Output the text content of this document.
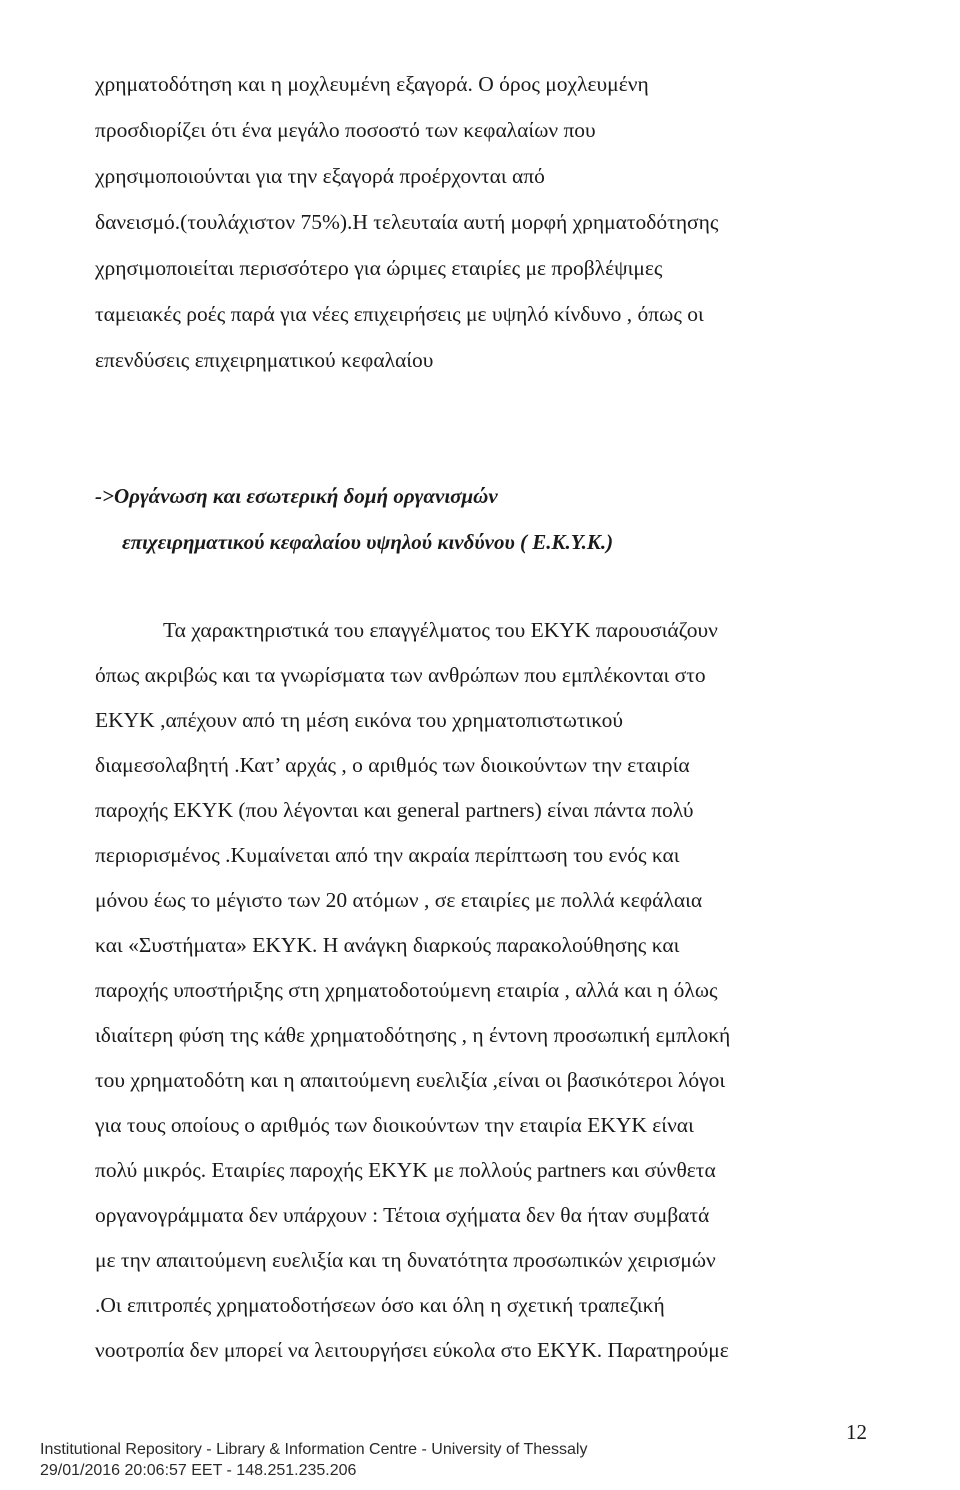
χρηματοδότηση και η μοχλευμένη εξαγορά. Ο όρος μοχλευμένη
προσδιορίζει ότι ένα μεγάλο ποσοστό των κεφαλαίων που
χρησιμοποιούνται για την εξαγορά προέρχονται από
δανεισμό.(τουλάχιστον 75%).Η τελευταία αυτή μορφή χρηματοδότησης
χρησιμοποιείται περισσότερο για ώριμες εταιρίες με προβλέψιμες
ταμειακές ροές παρά για νέες επιχειρήσεις με υψηλό κίνδυνο , όπως οι
επενδύσεις επιχειρηματικού κεφαλαίου
->Οργάνωση και εσωτερική δομή οργανισμών
επιχειρηματικού κεφαλαίου υψηλού κινδύνου ( Ε.Κ.Υ.Κ.)
Τα χαρακτηριστικά του επαγγέλματος του ΕΚΥΚ παρουσιάζουν
όπως ακριβώς και τα γνωρίσματα των ανθρώπων που εμπλέκονται στο
ΕΚΥΚ ,απέχουν από τη μέση εικόνα του χρηματοπιστωτικού
διαμεσολαβητή .Κατ’ αρχάς , ο αριθμός των διοικούντων την εταιρία
παροχής ΕΚΥΚ (που λέγονται και general partners) είναι πάντα πολύ
περιορισμένος .Κυμαίνεται από την ακραία περίπτωση του ενός και
μόνου έως το μέγιστο των 20 ατόμων , σε εταιρίες με πολλά κεφάλαια
και «Συστήματα» ΕΚΥΚ. Η ανάγκη διαρκούς παρακολούθησης και
παροχής υποστήριξης στη χρηματοδοτούμενη εταιρία , αλλά και η όλως
ιδιαίτερη φύση της κάθε χρηματοδότησης , η έντονη προσωπική εμπλοκή
του χρηματοδότη και η απαιτούμενη ευελιξία ,είναι οι βασικότεροι λόγοι
για τους οποίους ο αριθμός των διοικούντων την εταιρία ΕΚΥΚ είναι
πολύ μικρός. Εταιρίες παροχής ΕΚΥΚ με πολλούς partners και σύνθετα
οργανογράμματα δεν υπάρχουν : Τέτοια σχήματα δεν θα ήταν συμβατά
με την απαιτούμενη ευελιξία και τη δυνατότητα προσωπικών χειρισμών
.Οι επιτροπές χρηματοδοτήσεων όσο και όλη η σχετική τραπεζική
νοοτροπία δεν μπορεί να λειτουργήσει εύκολα στο ΕΚΥΚ. Παρατηρούμε
12
Institutional Repository - Library & Information Centre - University of Thessaly
29/01/2016 20:06:57 EET - 148.251.235.206
